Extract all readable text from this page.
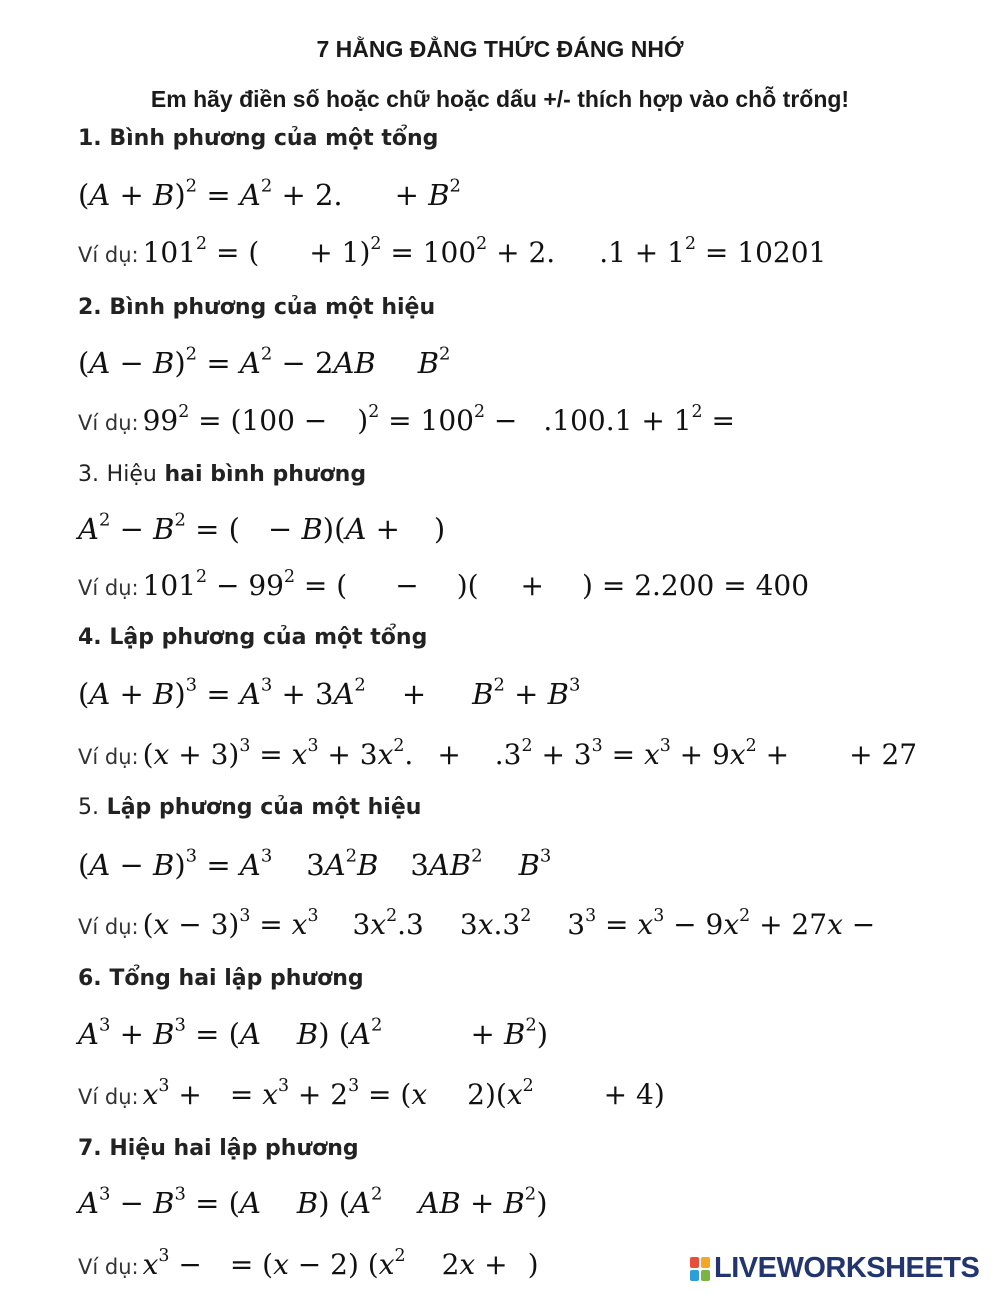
7 HẰNG ĐẲNG THỨC ĐÁNG NHỚ
Em hãy điền số hoặc chữ hoặc dấu +/- thích hợp vào chỗ trống!
1. Bình phương của một tổng
$(A + B)^2 = A^2 + 2$. + $B^2$
Ví dụ: $101^2$ = ( + $1)^2 = 100^2 + 2$. $.1 + 1^2 = 10201$
2. Bình phương của một hiệu
$(A - B)^2 = A^2 - 2AB$ $B^2$
Ví dụ: $99^2 = (100 - )^2 = 100^2 - .100.1 + 1^2$ =
3. Hiệu hai bình phương
$A^2 - B^2$ = ( − B)(A + )
Ví dụ: $101^2 - 99^2$ = ( − )( + ) = 2.200 = 400
4. Lập phương của một tổng
$(A + B)^3 = A^3 + 3A^2 + B^2 + B^3$
Ví dụ: $(x + 3)^3 = x^3 + 3x^2$. + $.3^2 + 3^3 = x^3 + 9x^2$ + + 27
5. Lập phương của một hiệu
$(A - B)^3 = A^3$ $3A^2B$ $3AB^2$ $B^3$
Ví dụ: $(x - 3)^3 = x^3$ $3x^2.3$ $3x.3^2$ $3^3 = x^3 - 9x^2 + 27x$ −
6. Tổng hai lập phương
$A^3 + B^3 = (A$ B) ($A^2$	+ $B^2$)
Ví dụ: $x^3$ + = $x^3 + 2^3 = (x$ $2)(x^2$	+ 4)
7. Hiệu hai lập phương
$A^3 - B^3 = (A$ B) ($A^2$ AB + $B^2$)
Ví dụ: $x^3$ − = (x − 2) ($x^2$ 2x + )	LIVEWORKSHEETS
